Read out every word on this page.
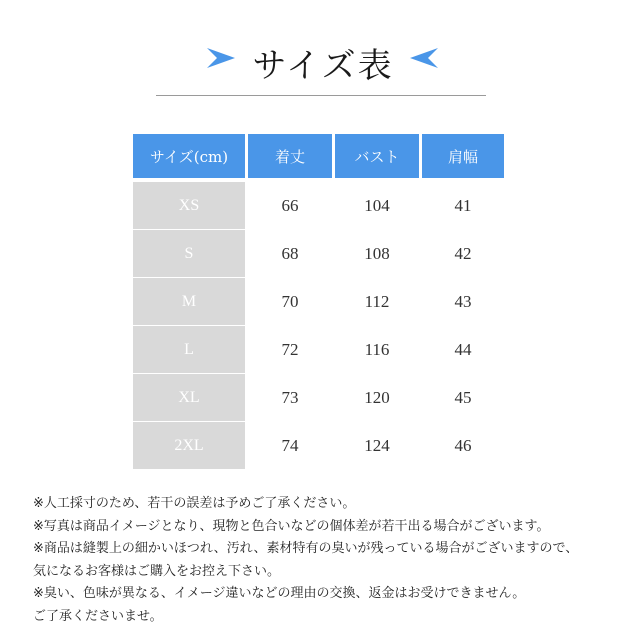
サイズ表
サイズ(cm)	着丈	バスト	肩幅
XS	66	104	41
S	68	108	42
M	70	112	43
L	72	116	44
XL	73	120	45
2XL	74	124	46
※人工採寸のため、若干の誤差は予めご了承ください。
※写真は商品イメージとなり、現物と色合いなどの個体差が若干出る場合がございます。
※商品は縫製上の細かいほつれ、汚れ、素材特有の臭いが残っている場合がございますので、
気になるお客様はご購入をお控え下さい。
※臭い、色味が異なる、イメージ違いなどの理由の交換、返金はお受けできません。
ご了承くださいませ。
